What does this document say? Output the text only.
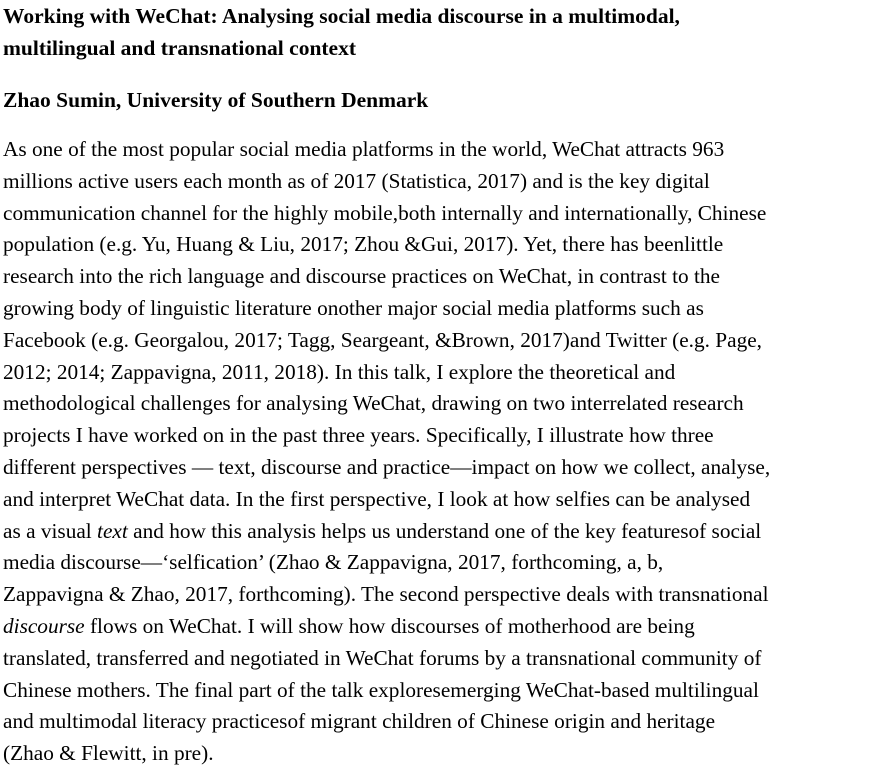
Working with WeChat: Analysing social media discourse in a multimodal,
multilingual and transnational context

Zhao Sumin, University of Southern Denmark

As one of the most popular social media platforms in the world, WeChat attracts 963
millions active users each month as of 2017 (Statistica, 2017) and is the key digital
communication channel for the highly mobile,both internally and internationally, Chinese
population (e.g. Yu, Huang & Liu, 2017; Zhou &Gui, 2017). Yet, there has beenlittle
research into the rich language and discourse practices on WeChat, in contrast to the
growing body of linguistic literature onother major social media platforms such as
Facebook (e.g. Georgalou, 2017; Tagg, Seargeant, &Brown, 2017)and Twitter (e.g. Page,
2012; 2014; Zappavigna, 2011, 2018). In this talk, I explore the theoretical and
methodological challenges for analysing WeChat, drawing on two interrelated research
projects I have worked on in the past three years. Specifically, I illustrate how three
different perspectives — text, discourse and practice—impact on how we collect, analyse,
and interpret WeChat data. In the first perspective, I look at how selfies can be analysed
as a visual text and how this analysis helps us understand one of the key featuresof social
media discourse—‘selfication’ (Zhao & Zappavigna, 2017, forthcoming, a, b,
Zappavigna & Zhao, 2017, forthcoming). The second perspective deals with transnational
discourse flows on WeChat. I will show how discourses of motherhood are being
translated, transferred and negotiated in WeChat forums by a transnational community of
Chinese mothers. The final part of the talk exploresemerging WeChat-based multilingual
and multimodal literacy practicesof migrant children of Chinese origin and heritage
(Zhao & Flewitt, in pre).
